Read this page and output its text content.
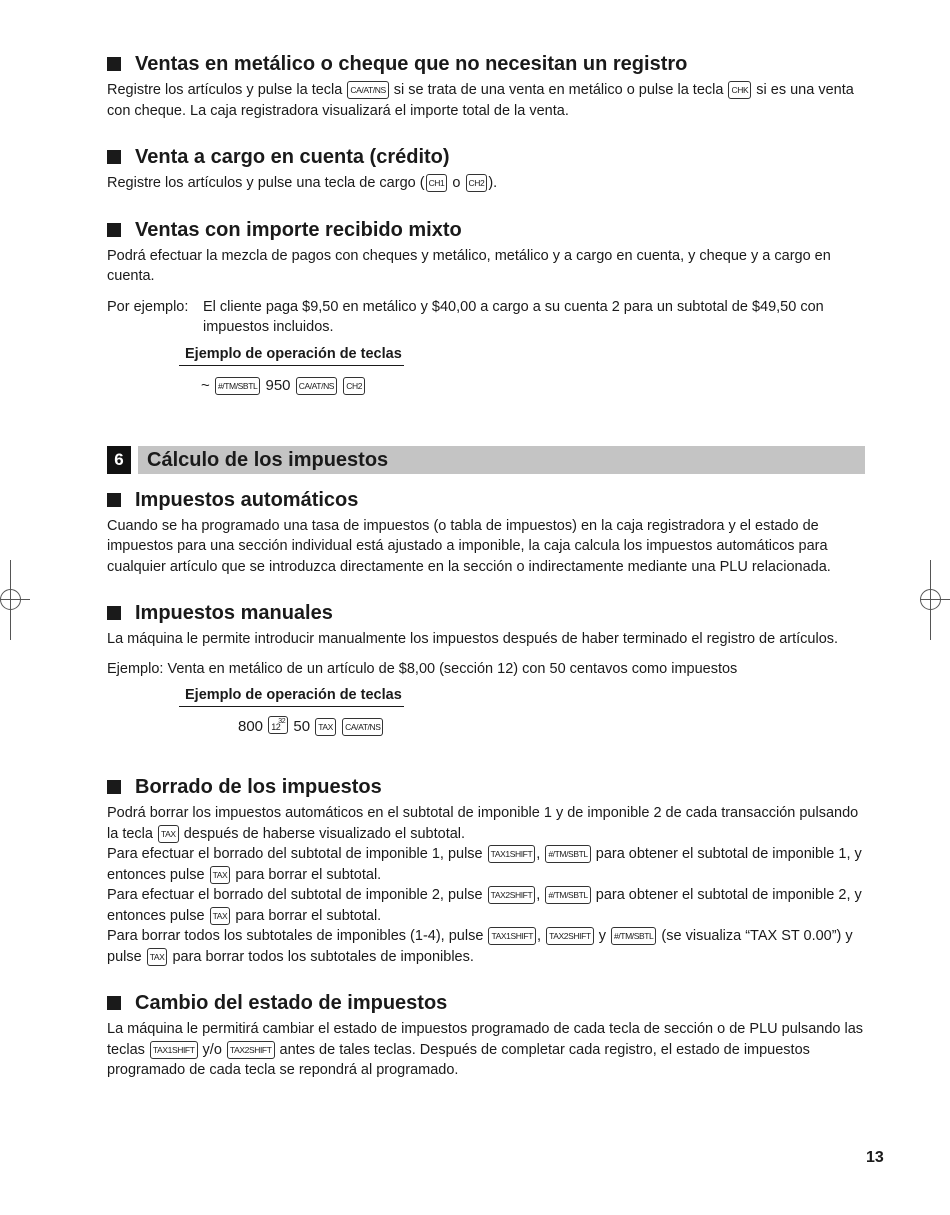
Ventas en metálico o cheque que no necesitan un registro

Registre los artículos y pulse la tecla CA/AT/NS si se trata de una venta en metálico o pulse la tecla CHK si es una venta con cheque. La caja registradora visualizará el importe total de la venta.

Venta a cargo en cuenta (crédito)

Registre los artículos y pulse una tecla de cargo ( CH1 o CH2 ).

Ventas con importe recibido mixto

Podrá efectuar la mezcla de pagos con cheques y metálico, metálico y a cargo en cuenta, y cheque y a cargo en cuenta.

Por ejemplo:	El cliente paga $9,50 en metálico y $40,00 a cargo a su cuenta 2 para un subtotal de $49,50 con impuestos incluidos.

Ejemplo de operación de teclas
~ #/TM/SBTL 950 CA/AT/NS CH2
6	Cálculo de los impuestos
Impuestos automáticos

Cuando se ha programado una tasa de impuestos (o tabla de impuestos) en la caja registradora y el estado de impuestos para una sección individual está ajustado a imponible, la caja calcula los impuestos automáticos para cualquier artículo que se introduzca directamente en la sección o indirectamente mediante una PLU relacionada.

Impuestos manuales

La máquina le permite introducir manualmente los impuestos después de haber terminado el registro de artículos.

Ejemplo: Venta en metálico de un artículo de $8,00 (sección 12) con 50 centavos como impuestos

Ejemplo de operación de teclas
800 12
32 50 TAX CA/AT/NS
Borrado de los impuestos

Podrá borrar los impuestos automáticos en el subtotal de imponible 1 y de imponible 2 de cada transacción pulsando la tecla TAX después de haberse visualizado el subtotal.

Para efectuar el borrado del subtotal de imponible 1, pulse TAX1SHIFT , #/TM/SBTL para obtener el subtotal de imponible 1, y entonces pulse TAX para borrar el subtotal.

Para efectuar el borrado del subtotal de imponible 2, pulse TAX2SHIFT , #/TM/SBTL para obtener el subtotal de imponible 2, y entonces pulse TAX para borrar el subtotal.

Para borrar todos los subtotales de imponibles (1-4), pulse TAX1SHIFT , TAX2SHIFT y #/TM/SBTL (se visualiza “TAX ST 0.00”) y pulse TAX para borrar todos los subtotales de imponibles.

Cambio del estado de impuestos

La máquina le permitirá cambiar el estado de impuestos programado de cada tecla de sección o de PLU pulsando las teclas TAX1SHIFT y/o TAX2SHIFT antes de tales teclas. Después de completar cada registro, el estado de impuestos programado de cada tecla se repondrá al programado.

13
